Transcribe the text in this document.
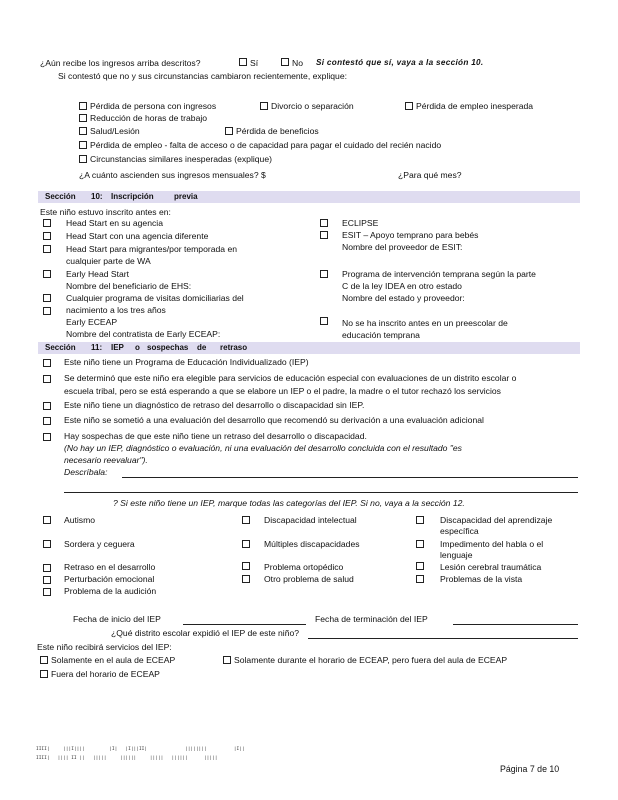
¿Aún recibe los ingresos arriba descritos?	Sí	No Si contestó que sí, vaya a la sección 10.
Si contestó que no y sus circunstancias cambiaron recientemente, explique:
Pérdida de persona con ingresos	Divorcio o separación	Pérdida de empleo inesperada
Reducción de horas de trabajo
Salud/Lesión	Pérdida de beneficios
Pérdida de empleo - falta de acceso o de capacidad para pagar el cuidado del recién nacido
Circunstancias similares inesperadas (explique)
¿A cuánto ascienden sus ingresos mensuales? $	¿Para qué mes?
Sección 10: Inscripción	previa
Este niño estuvo inscrito antes en:
Head Start en su agencia
Head Start con una agencia diferente
Head Start para migrantes/por temporada en
cualquier parte de WA
Early Head Start
Nombre del beneficiario de EHS:
Cualquier programa de visitas domiciliarias del
nacimiento a los tres años
Early ECEAP
Nombre del contratista de Early ECEAP:
ECLIPSE
ESIT – Apoyo temprano para bebés
Nombre del proveedor de ESIT:
Programa de intervención temprana según la parte
C de la ley IDEA en otro estado
Nombre del estado y proveedor:
No se ha inscrito antes en un preescolar de
educación temprana
Sección 11: IEP o sospechas de retraso
Este niño tiene un Programa de Educación Individualizado (IEP)
Se determinó que este niño era elegible para servicios de educación especial con evaluaciones de un distrito escolar o
escuela tribal, pero se está esperando a que se elabore un IEP o el padre, la madre o el tutor rechazó los servicios
Este niño tiene un diagnóstico de retraso del desarrollo o discapacidad sin IEP.
Este niño se sometió a una evaluación del desarrollo que recomendó su derivación a una evaluación adicional
Hay sospechas de que este niño tiene un retraso del desarrollo o discapacidad.
(No hay un IEP, diagnóstico o evaluación, ni una evaluación del desarrollo concluida con el resultado "es
necesario reevaluar").
Descríbala:
? Si este niño tiene un IEP, marque todas las categorías del IEP. Si no, vaya a la sección 12.
Autismo	Discapacidad intelectual	Discapacidad del aprendizaje
específica
Sordera y ceguera	Múltiples discapacidades	Impedimento del habla o el
lenguaje
Retraso en el desarrollo	Problema ortopédico	Lesión cerebral traumática
Perturbación emocional	Otro problema de salud	Problemas de la vista
Problema de la audición
Fecha de inicio del IEP	Fecha de terminación del IEP
¿Qué distrito escolar expidió el IEP de este niño?
Este niño recibirá servicios del IEP:
Solamente en el aula de ECEAP	Solamente durante el horario de ECEAP, pero fuera del aula de ECEAP
Fuera del horario de ECEAP
IIII|     |||I||||         |I|   |I|||II|              ||||||||          |I||
IIII|   |||| II ||   |||||     ||||||     |||||   ||||||      |||||
Página 7 de 10
